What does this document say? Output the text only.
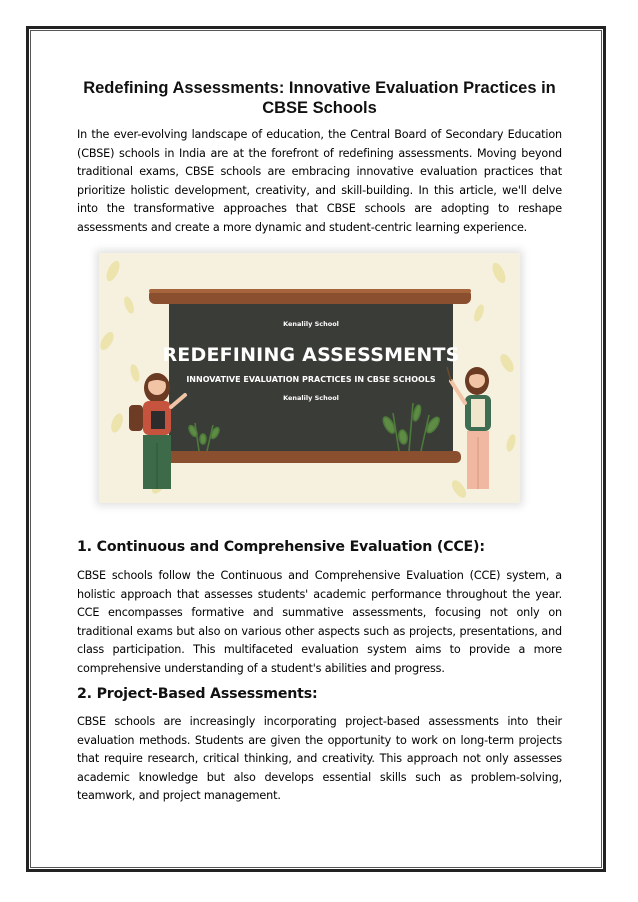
Redefining Assessments: Innovative Evaluation Practices in CBSE Schools

In the ever-evolving landscape of education, the Central Board of Secondary Education (CBSE) schools in India are at the forefront of redefining assessments. Moving beyond traditional exams, CBSE schools are embracing innovative evaluation practices that prioritize holistic development, creativity, and skill-building. In this article, we'll delve into the transformative approaches that CBSE schools are adopting to reshape assessments and create a more dynamic and student-centric learning experience.

Kenalily School
REDEFINING ASSESSMENTS
INNOVATIVE EVALUATION PRACTICES IN CBSE SCHOOLS
Kenalily School
1. Continuous and Comprehensive Evaluation (CCE):

CBSE schools follow the Continuous and Comprehensive Evaluation (CCE) system, a holistic approach that assesses students' academic performance throughout the year. CCE encompasses formative and summative assessments, focusing not only on traditional exams but also on various other aspects such as projects, presentations, and class participation. This multifaceted evaluation system aims to provide a more comprehensive understanding of a student's abilities and progress.

2. Project-Based Assessments:

CBSE schools are increasingly incorporating project-based assessments into their evaluation methods. Students are given the opportunity to work on long-term projects that require research, critical thinking, and creativity. This approach not only assesses academic knowledge but also develops essential skills such as problem-solving, teamwork, and project management.
